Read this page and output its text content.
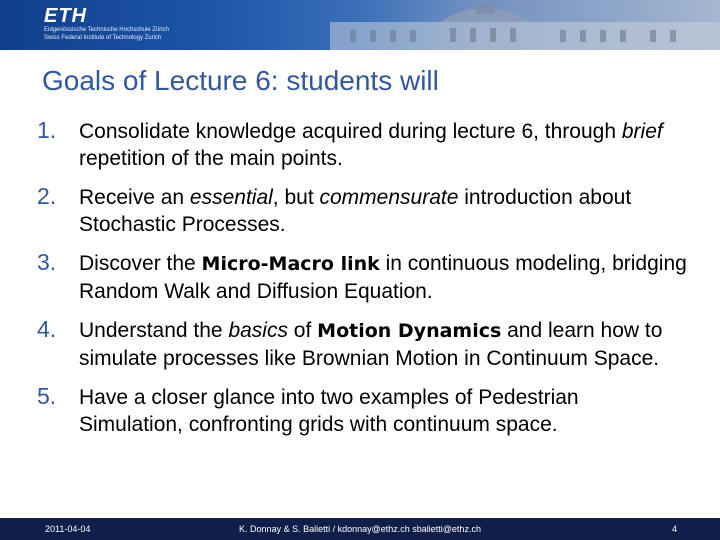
ETH
Eidgenössische Technische Hochschule Zürich
Swiss Federal Institute of Technology Zurich
Goals of Lecture 6: students will
1. Consolidate knowledge acquired during lecture 6, through brief repetition of the main points.
2. Receive an essential, but commensurate introduction about Stochastic Processes.
3. Discover the Micro-Macro link in continuous modeling, bridging Random Walk and Diffusion Equation.
4. Understand the basics of Motion Dynamics and learn how to simulate processes like Brownian Motion in Continuum Space.
5. Have a closer glance into two examples of Pedestrian Simulation, confronting grids with continuum space.
2011-04-04	K. Donnay & S. Balietti / kdonnay@ethz.ch sbalietti@ethz.ch	4
